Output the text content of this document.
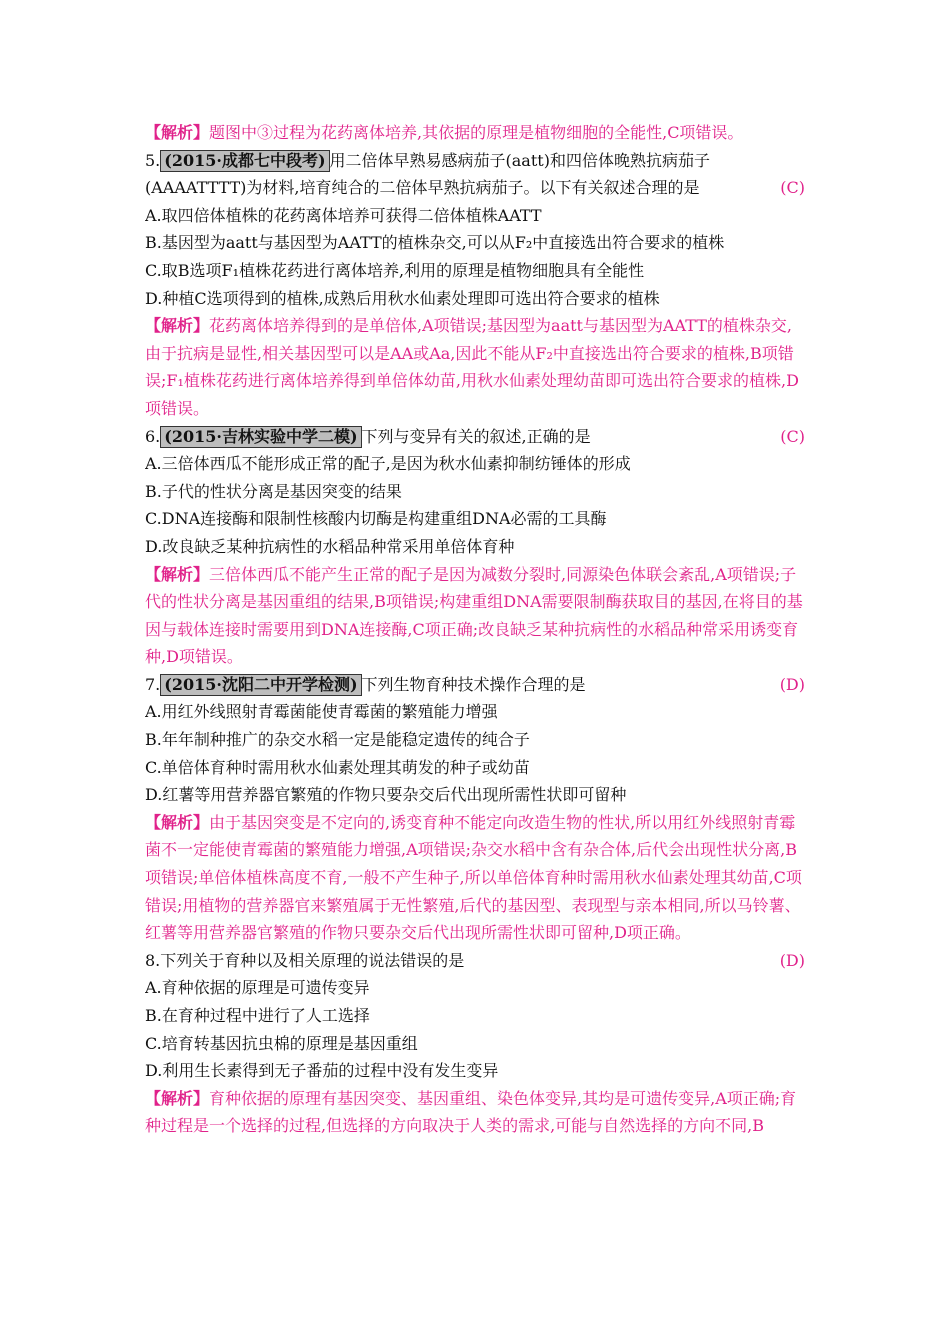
【解析】题图中③过程为花药离体培养,其依据的原理是植物细胞的全能性,C项错误。
5. (2015·成都七中段考) 用二倍体早熟易感病茄子(aatt)和四倍体晚熟抗病茄子
(AAAATTTT)为材料,培育纯合的二倍体早熟抗病茄子。以下有关叙述合理的是	(C)
A.取四倍体植株的花药离体培养可获得二倍体植株AATT
B.基因型为aatt与基因型为AATT的植株杂交,可以从F₂中直接选出符合要求的植株
C.取B选项F₁植株花药进行离体培养,利用的原理是植物细胞具有全能性
D.种植C选项得到的植株,成熟后用秋水仙素处理即可选出符合要求的植株
【解析】花药离体培养得到的是单倍体,A项错误;基因型为aatt与基因型为AATT的植株杂交,由于抗病是显性,相关基因型可以是AA或Aa,因此不能从F₂中直接选出符合要求的植株,B项错误;F₁植株花药进行离体培养得到单倍体幼苗,用秋水仙素处理幼苗即可选出符合要求的植株,D项错误。
6. (2015·吉林实验中学二模) 下列与变异有关的叙述,正确的是	(C)
A.三倍体西瓜不能形成正常的配子,是因为秋水仙素抑制纺锤体的形成
B.子代的性状分离是基因突变的结果
C.DNA连接酶和限制性核酸内切酶是构建重组DNA必需的工具酶
D.改良缺乏某种抗病性的水稻品种常采用单倍体育种
【解析】三倍体西瓜不能产生正常的配子是因为减数分裂时,同源染色体联会紊乱,A项错误;子代的性状分离是基因重组的结果,B项错误;构建重组DNA需要限制酶获取目的基因,在将目的基因与载体连接时需要用到DNA连接酶,C项正确;改良缺乏某种抗病性的水稻品种常采用诱变育种,D项错误。
7. (2015·沈阳二中开学检测) 下列生物育种技术操作合理的是	(D)
A.用红外线照射青霉菌能使青霉菌的繁殖能力增强
B.年年制种推广的杂交水稻一定是能稳定遗传的纯合子
C.单倍体育种时需用秋水仙素处理其萌发的种子或幼苗
D.红薯等用营养器官繁殖的作物只要杂交后代出现所需性状即可留种
【解析】由于基因突变是不定向的,诱变育种不能定向改造生物的性状,所以用红外线照射青霉菌不一定能使青霉菌的繁殖能力增强,A项错误;杂交水稻中含有杂合体,后代会出现性状分离,B项错误;单倍体植株高度不育,一般不产生种子,所以单倍体育种时需用秋水仙素处理其幼苗,C项错误;用植物的营养器官来繁殖属于无性繁殖,后代的基因型、表现型与亲本相同,所以马铃薯、红薯等用营养器官繁殖的作物只要杂交后代出现所需性状即可留种,D项正确。
8.下列关于育种以及相关原理的说法错误的是	(D)
A.育种依据的原理是可遗传变异
B.在育种过程中进行了人工选择
C.培育转基因抗虫棉的原理是基因重组
D.利用生长素得到无子番茄的过程中没有发生变异
【解析】育种依据的原理有基因突变、基因重组、染色体变异,其均是可遗传变异,A项正确;育种过程是一个选择的过程,但选择的方向取决于人类的需求,可能与自然选择的方向不同,B
